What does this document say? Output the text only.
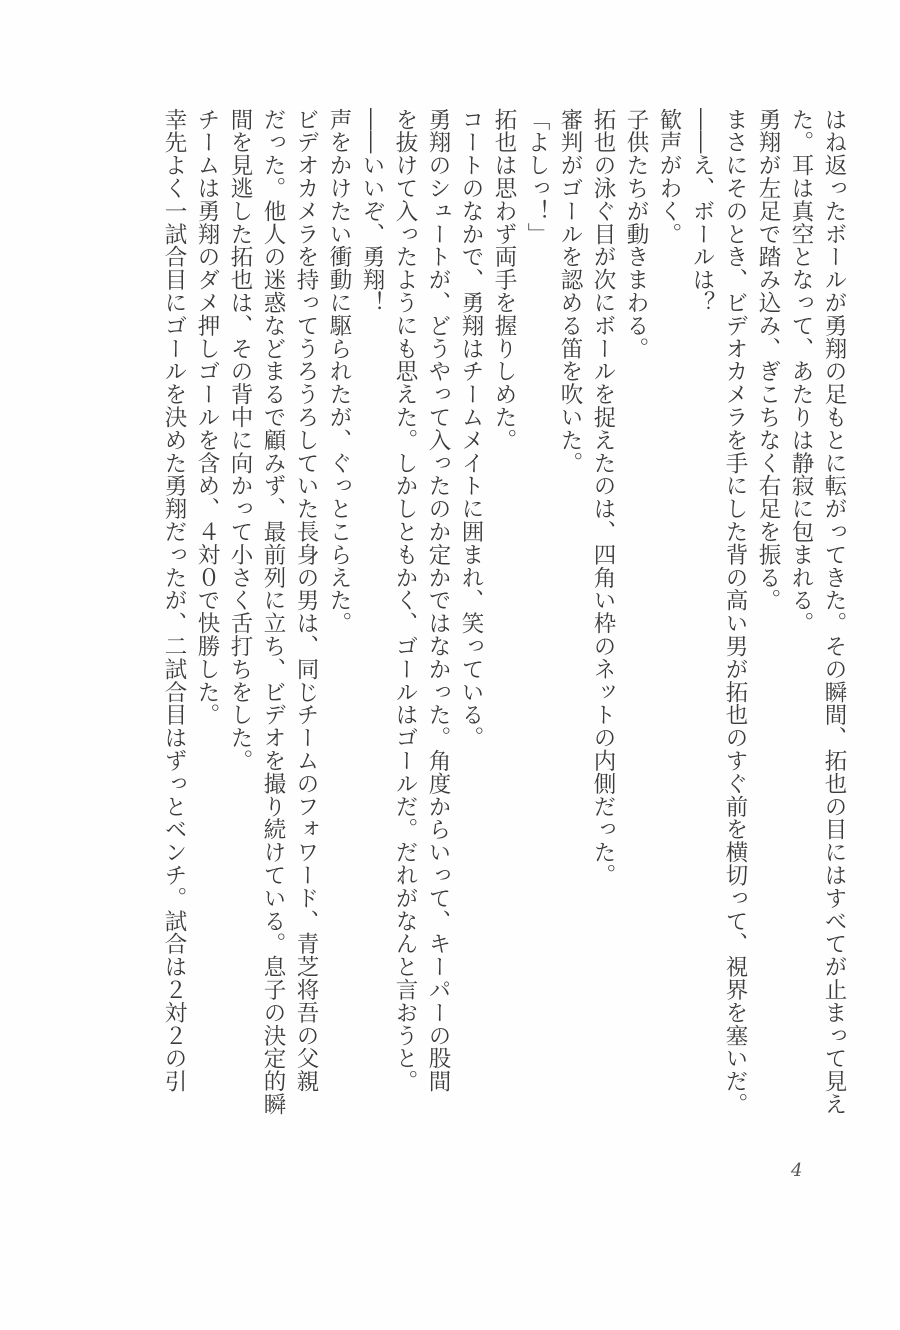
はね返ったボールが勇翔の足もとに転がってきた。その瞬間、拓也の目にはすべてが止まって見え
た。耳は真空となって、あたりは静寂に包まれる。
勇翔が左足で踏み込み、ぎこちなく右足を振る。
まさにそのとき、ビデオカメラを手にした背の高い男が拓也のすぐ前を横切って、視界を塞いだ。
――え、ボールは？
歓声がわく。
子供たちが動きまわる。
拓也の泳ぐ目が次にボールを捉えたのは、四角い枠のネットの内側だった。
審判がゴールを認める笛を吹いた。
「よしっ！」
拓也は思わず両手を握りしめた。
コートのなかで、勇翔はチームメイトに囲まれ、笑っている。
勇翔のシュートが、どうやって入ったのか定かではなかった。角度からいって、キーパーの股間
を抜けて入ったようにも思えた。しかしともかく、ゴールはゴールだ。だれがなんと言おうと。
――いいぞ、勇翔！
声をかけたい衝動に駆られたが、ぐっとこらえた。
ビデオカメラを持ってうろうろしていた長身の男は、同じチームのフォワード、青芝将吾の父親
だった。他人の迷惑などまるで顧みず、最前列に立ち、ビデオを撮り続けている。息子の決定的瞬
間を見逃した拓也は、その背中に向かって小さく舌打ちをした。
チームは勇翔のダメ押しゴールを含め、４対０で快勝した。
幸先よく一試合目にゴールを決めた勇翔だったが、二試合目はずっとベンチ。試合は２対２の引
4
